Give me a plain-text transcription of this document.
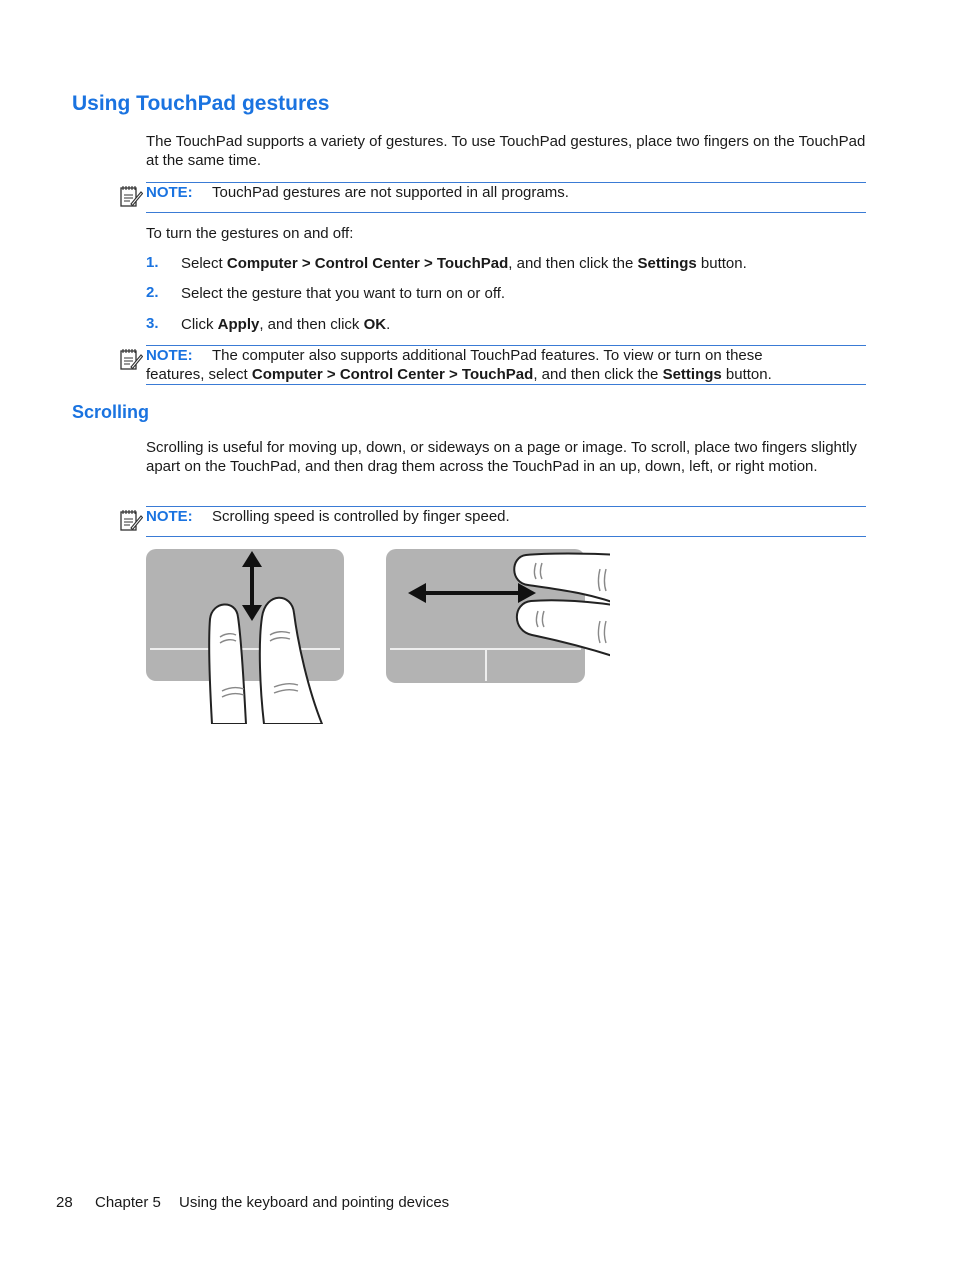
Using TouchPad gestures
The TouchPad supports a variety of gestures. To use TouchPad gestures, place two fingers on the TouchPad at the same time.
NOTE: TouchPad gestures are not supported in all programs.
To turn the gestures on and off:
1. Select Computer > Control Center > TouchPad, and then click the Settings button.
2. Select the gesture that you want to turn on or off.
3. Click Apply, and then click OK.
NOTE: The computer also supports additional TouchPad features. To view or turn on these
features, select Computer > Control Center > TouchPad, and then click the Settings button.
Scrolling
Scrolling is useful for moving up, down, or sideways on a page or image. To scroll, place two fingers slightly apart on the TouchPad, and then drag them across the TouchPad in an up, down, left, or right motion.
NOTE: Scrolling speed is controlled by finger speed.
28 Chapter 5 Using the keyboard and pointing devices
